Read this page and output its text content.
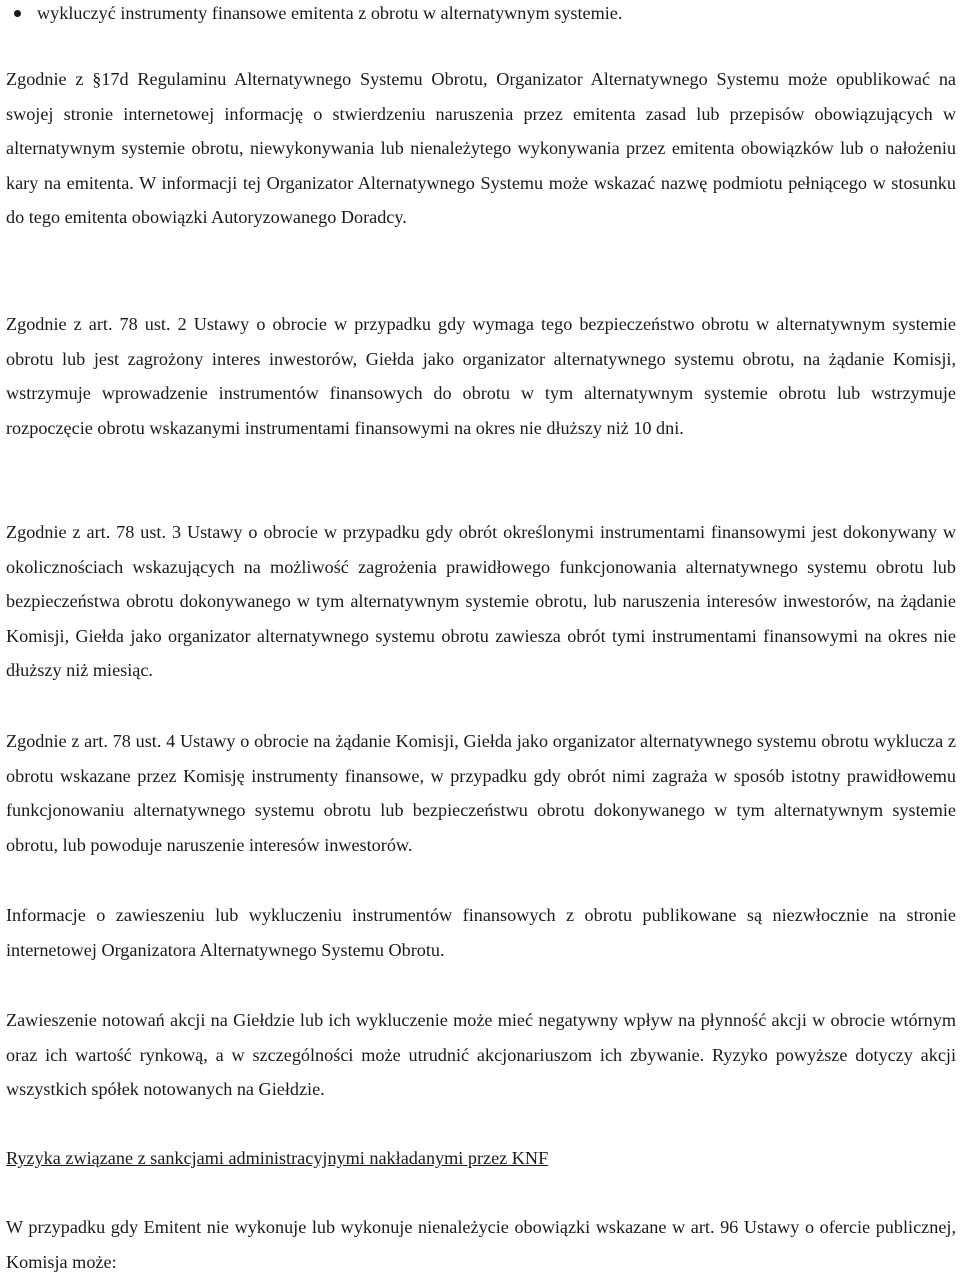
wykluczyć instrumenty finansowe emitenta z obrotu w alternatywnym systemie.

Zgodnie z §17d Regulaminu Alternatywnego Systemu Obrotu, Organizator Alternatywnego Systemu może opublikować na swojej stronie internetowej informację o stwierdzeniu naruszenia przez emitenta zasad lub przepisów obowiązujących w alternatywnym systemie obrotu, niewykonywania lub nienależytego wykonywania przez emitenta obowiązków lub o nałożeniu kary na emitenta. W informacji tej Organizator Alternatywnego Systemu może wskazać nazwę podmiotu pełniącego w stosunku do tego emitenta obowiązki Autoryzowanego Doradcy.

Zgodnie z art. 78 ust. 2 Ustawy o obrocie w przypadku gdy wymaga tego bezpieczeństwo obrotu w alternatywnym systemie obrotu lub jest zagrożony interes inwestorów, Giełda jako organizator alternatywnego systemu obrotu, na żądanie Komisji, wstrzymuje wprowadzenie instrumentów finansowych do obrotu w tym alternatywnym systemie obrotu lub wstrzymuje rozpoczęcie obrotu wskazanymi instrumentami finansowymi na okres nie dłuższy niż 10 dni.

Zgodnie z art. 78 ust. 3 Ustawy o obrocie w przypadku gdy obrót określonymi instrumentami finansowymi jest dokonywany w okolicznościach wskazujących na możliwość zagrożenia prawidłowego funkcjonowania alternatywnego systemu obrotu lub bezpieczeństwa obrotu dokonywanego w tym alternatywnym systemie obrotu, lub naruszenia interesów inwestorów, na żądanie Komisji, Giełda jako organizator alternatywnego systemu obrotu zawiesza obrót tymi instrumentami finansowymi na okres nie dłuższy niż miesiąc.

Zgodnie z art. 78 ust. 4 Ustawy o obrocie na żądanie Komisji, Giełda jako organizator alternatywnego systemu obrotu wyklucza z obrotu wskazane przez Komisję instrumenty finansowe, w przypadku gdy obrót nimi zagraża w sposób istotny prawidłowemu funkcjonowaniu alternatywnego systemu obrotu lub bezpieczeństwu obrotu dokonywanego w tym alternatywnym systemie obrotu, lub powoduje naruszenie interesów inwestorów.

Informacje o zawieszeniu lub wykluczeniu instrumentów finansowych z obrotu publikowane są niezwłocznie na stronie internetowej Organizatora Alternatywnego Systemu Obrotu.

Zawieszenie notowań akcji na Giełdzie lub ich wykluczenie może mieć negatywny wpływ na płynność akcji w obrocie wtórnym oraz ich wartość rynkową, a w szczególności może utrudnić akcjonariuszom ich zbywanie. Ryzyko powyższe dotyczy akcji wszystkich spółek notowanych na Giełdzie.

Ryzyka związane z sankcjami administracyjnymi nakładanymi przez KNF

W przypadku gdy Emitent nie wykonuje lub wykonuje nienależycie obowiązki wskazane w art. 96 Ustawy o ofercie publicznej, Komisja może:
